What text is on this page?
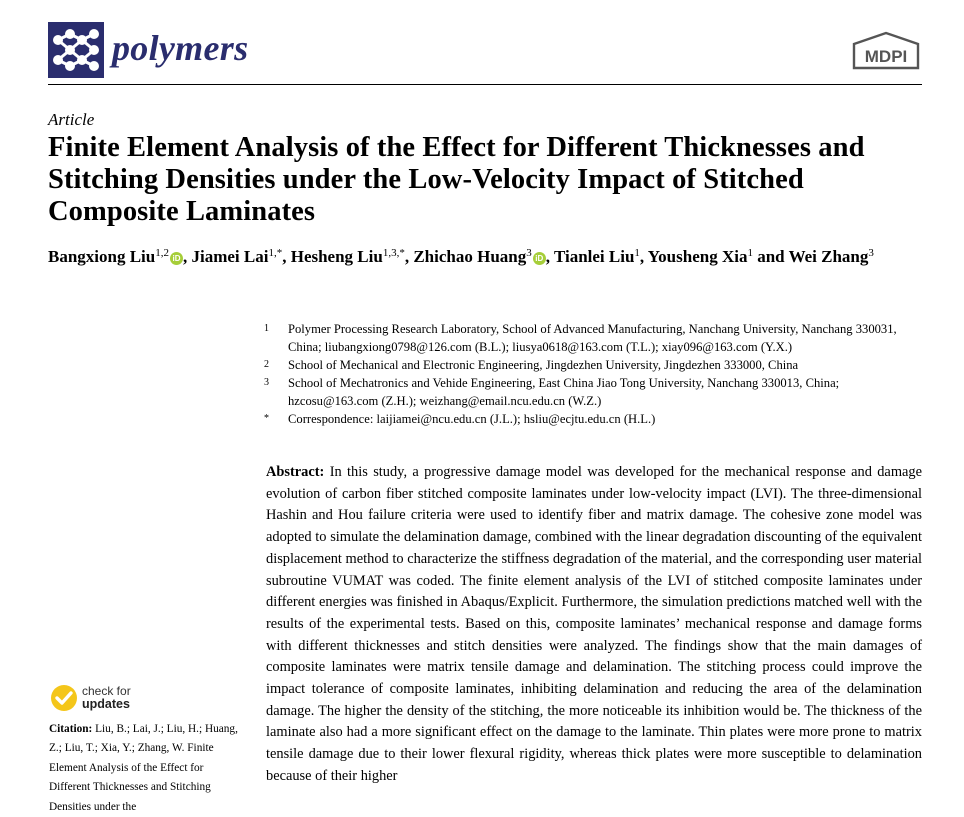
polymers	MDPI
Article
Finite Element Analysis of the Effect for Different Thicknesses and Stitching Densities under the Low-Velocity Impact of Stitched Composite Laminates

Bangxiong Liu$^{1,2}$ iD , Jiamei Lai$^{1,*}$, Hesheng Liu$^{1,3,*}$, Zhichao Huang$^3$ iD , Tianlei Liu$^1$, Yousheng Xia$^1$ and Wei Zhang$^3$

1	Polymer Processing Research Laboratory, School of Advanced Manufacturing, Nanchang University, Nanchang 330031, China; liubangxiong0798@126.com (B.L.); liusya0618@163.com (T.L.); xiay096@163.com (Y.X.)
2	School of Mechanical and Electronic Engineering, Jingdezhen University, Jingdezhen 333000, China
3	School of Mechatronics and Vehide Engineering, East China Jiao Tong University, Nanchang 330013, China; hzcosu@163.com (Z.H.); weizhang@email.ncu.edu.cn (W.Z.)
*	Correspondence: laijiamei@ncu.edu.cn (J.L.); hsliu@ecjtu.edu.cn (H.L.)

Abstract: In this study, a progressive damage model was developed for the mechanical response and damage evolution of carbon fiber stitched composite laminates under low-velocity impact (LVI). The three-dimensional Hashin and Hou failure criteria were used to identify fiber and matrix damage. The cohesive zone model was adopted to simulate the delamination damage, combined with the linear degradation discounting of the equivalent displacement method to characterize the stiffness degradation of the material, and the corresponding user material subroutine VUMAT was coded. The finite element analysis of the LVI of stitched composite laminates under different energies was finished in Abaqus/Explicit. Furthermore, the simulation predictions matched well with the results of the experimental tests. Based on this, composite laminates’ mechanical response and damage forms with different thicknesses and stitch densities were analyzed. The findings show that the main damages of composite laminates were matrix tensile damage and delamination. The stitching process could improve the impact tolerance of composite laminates, inhibiting delamination and reducing the area of the delamination damage. The higher the density of the stitching, the more noticeable its inhibition would be. The thickness of the laminate also had a more significant effect on the damage to the laminate. Thin plates were more prone to matrix tensile damage due to their lower flexural rigidity, whereas thick plates were more susceptible to delamination because of their higher

check for
updates

Citation: Liu, B.; Lai, J.; Liu, H.; Huang, Z.; Liu, T.; Xia, Y.; Zhang, W. Finite Element Analysis of the Effect for Different Thicknesses and Stitching Densities under the
